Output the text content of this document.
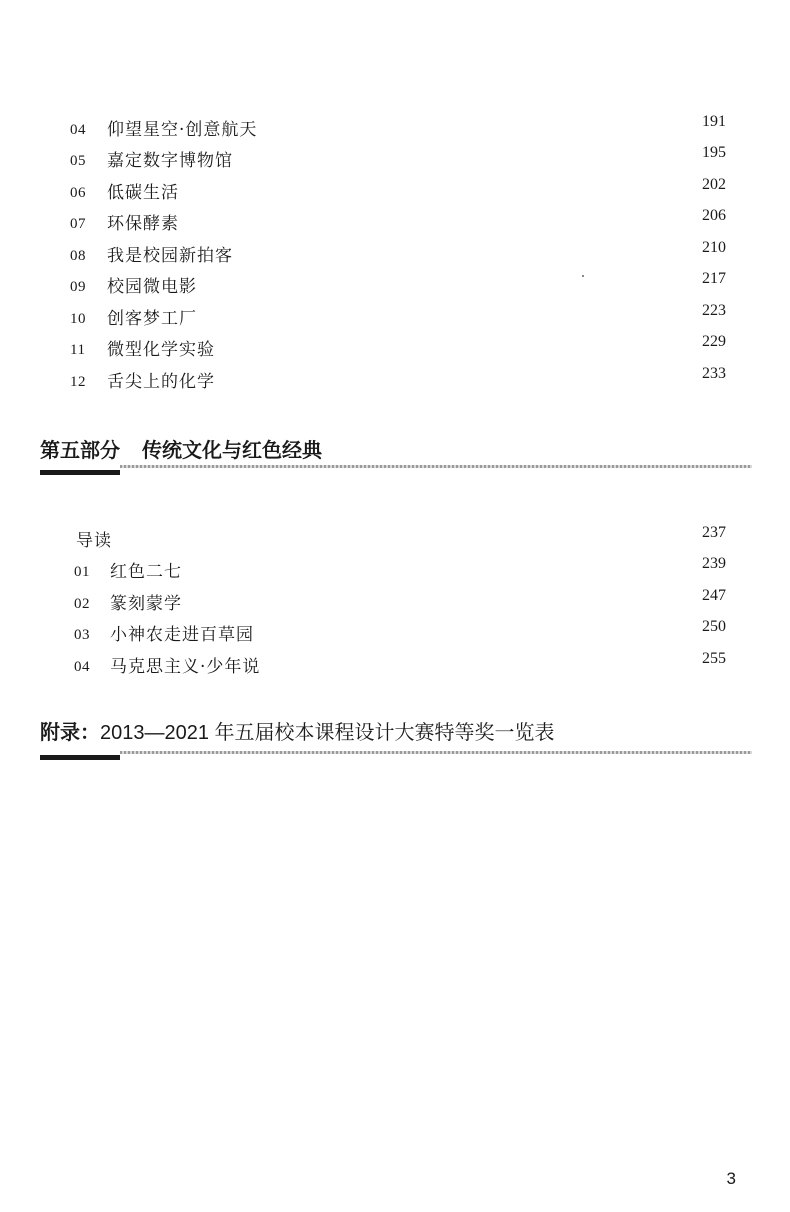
04	仰望星空·创意航天	191
05	嘉定数字博物馆	195
06	低碳生活	202
07	环保酵素	206
08	我是校园新拍客	210
09	校园微电影	217
10	创客梦工厂	223
11	微型化学实验	229
12	舌尖上的化学	233
第五部分 传统文化与红色经典
导读	237
01	红色二七	239
02	篆刻蒙学	247
03	小神农走进百草园	250
04	马克思主义·少年说	255
附录：2013—2021 年五届校本课程设计大赛特等奖一览表
3
